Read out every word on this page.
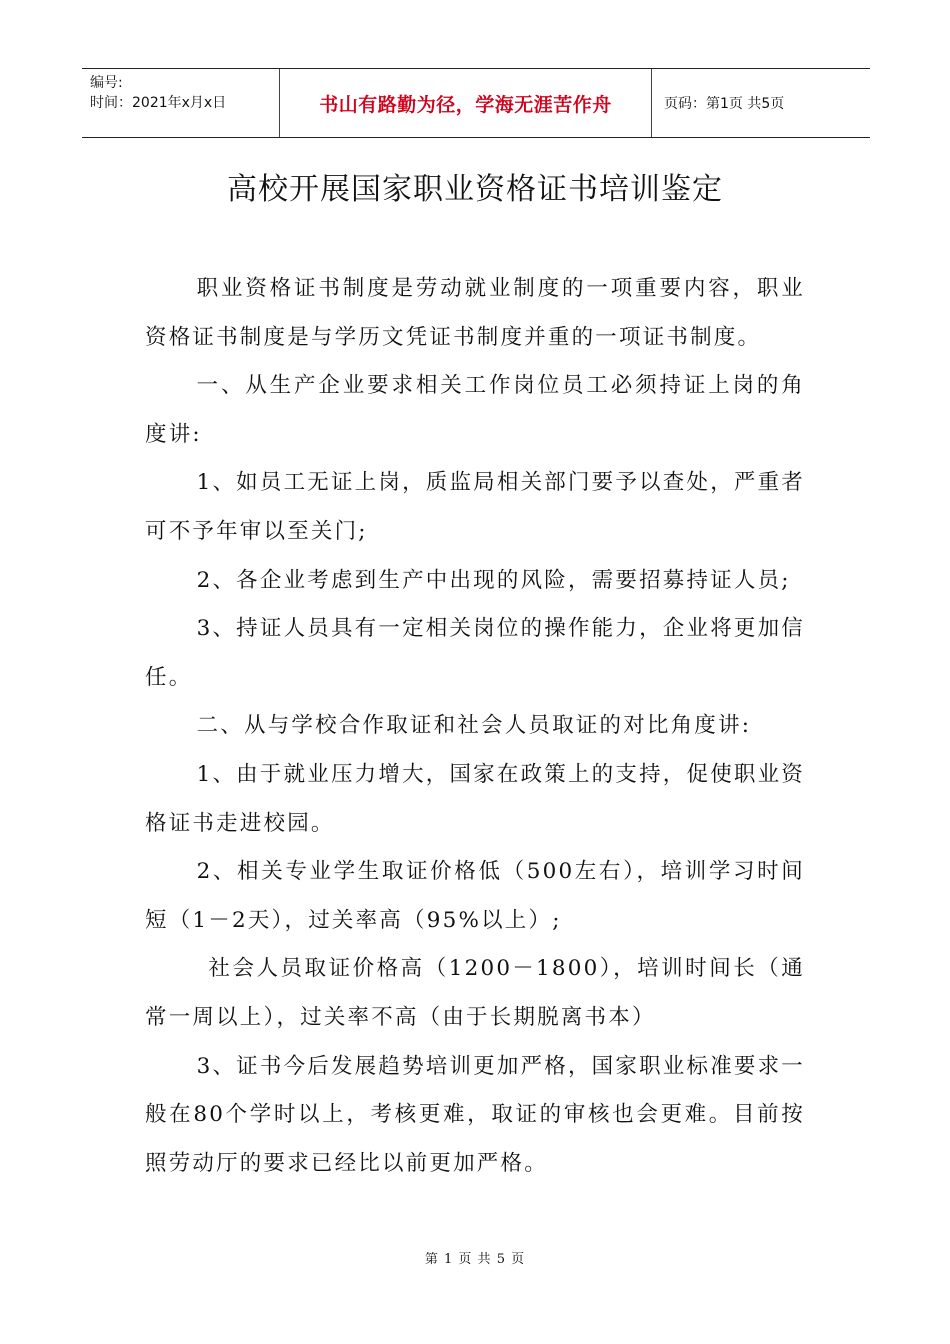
编号:
时间：2021年x月x日	书山有路勤为径，学海无涯苦作舟	页码：第1页 共5页
高校开展国家职业资格证书培训鉴定

职业资格证书制度是劳动就业制度的一项重要内容，职业资格证书制度是与学历文凭证书制度并重的一项证书制度。

一、从生产企业要求相关工作岗位员工必须持证上岗的角度讲:

1、如员工无证上岗，质监局相关部门要予以查处，严重者可不予年审以至关门;

2、各企业考虑到生产中出现的风险，需要招募持证人员;

3、持证人员具有一定相关岗位的操作能力，企业将更加信任。

二、从与学校合作取证和社会人员取证的对比角度讲:

1、由于就业压力增大，国家在政策上的支持，促使职业资格证书走进校园。

2、相关专业学生取证价格低（500左右），培训学习时间短（1－2天），过关率高（95%以上）;

社会人员取证价格高（1200－1800），培训时间长（通常一周以上），过关率不高（由于长期脱离书本）

3、证书今后发展趋势培训更加严格，国家职业标准要求一般在80个学时以上，考核更难，取证的审核也会更难。目前按照劳动厅的要求已经比以前更加严格。

第 1 页 共 5 页
